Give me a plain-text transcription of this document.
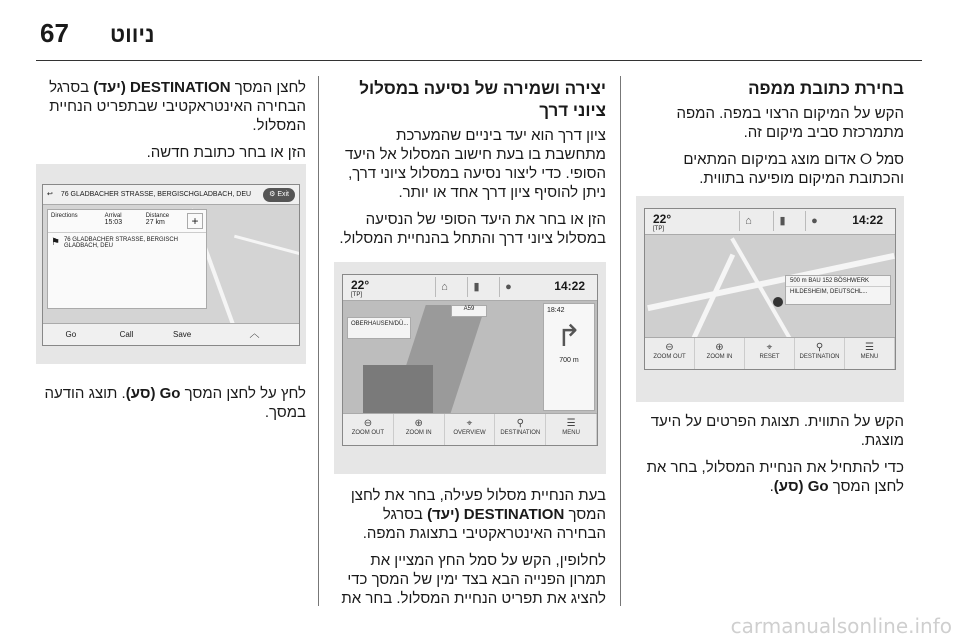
67 ניווט
בחירת כתובת ממפה

הקש על המיקום הרצוי במפה. המפה מתמרכזת סביב מיקום זה.

סמל ⭘ אדום מוצג במיקום המתאים והכתובת המיקום מופיעה בתווית.

22°
[TP]
⌂	▮	●	14:22
500 m BAU 152 BÖSHWERK
HILDESHEIM, DEUTSCHL...
⊖
ZOOM OUT
⊕
ZOOM IN
⌖
RESET
⚲
DESTINATION
☰
MENU

הקש על התווית. תצוגת הפרטים על היעד מוצגת.

כדי להתחיל את הנחיית המסלול, בחר את לחצן המסך Go (סע).

יצירה ושמירה של נסיעה במסלול ציוני דרך

ציון דרך הוא יעד ביניים שהמערכת מתחשבת בו בעת חישוב המסלול אל היעד הסופי. כדי ליצור נסיעה במסלול ציוני דרך, ניתן להוסיף ציון דרך אחד או יותר.

הזן או בחר את היעד הסופי של הנסיעה במסלול ציוני דרך והתחל בהנחיית המסלול.

22°
[TP]
⌂	▮	●	14:22
OBERHAUSEN/DÜ...
A59	18:42
↱
700 m
⊖
ZOOM OUT
⊕
ZOOM IN
⌖
OVERVIEW
⚲
DESTINATION
☰
MENU

בעת הנחיית מסלול פעילה, בחר את לחצן המסך DESTINATION (יעד) בסרגל הבחירה האינטראקטיבי בתצוגת המפה.

לחלופין, הקש על סמל החץ המציין את תמרון הפנייה הבא בצד ימין של המסך כדי להציג את תפריט הנחיית המסלול. בחר את

לחצן המסך DESTINATION (יעד) בסרגל הבחירה האינטראקטיבי שבתפריט הנחיית המסלול.

הזן או בחר כתובת חדשה.

↩ 76 GLADBACHER STRASSE, BERGISCHGLADBACH, DEU	⚙ Exit
Directions	Arrival
15:03
Distance
27 km	+
⚑ 76 GLADBACHER STRASSE, BERGISCH GLADBACH, DEU
Go	Call	Save	︿

לחץ על לחצן המסך Go (סע). תוצג הודעה במסך.

carmanualsonline.info
